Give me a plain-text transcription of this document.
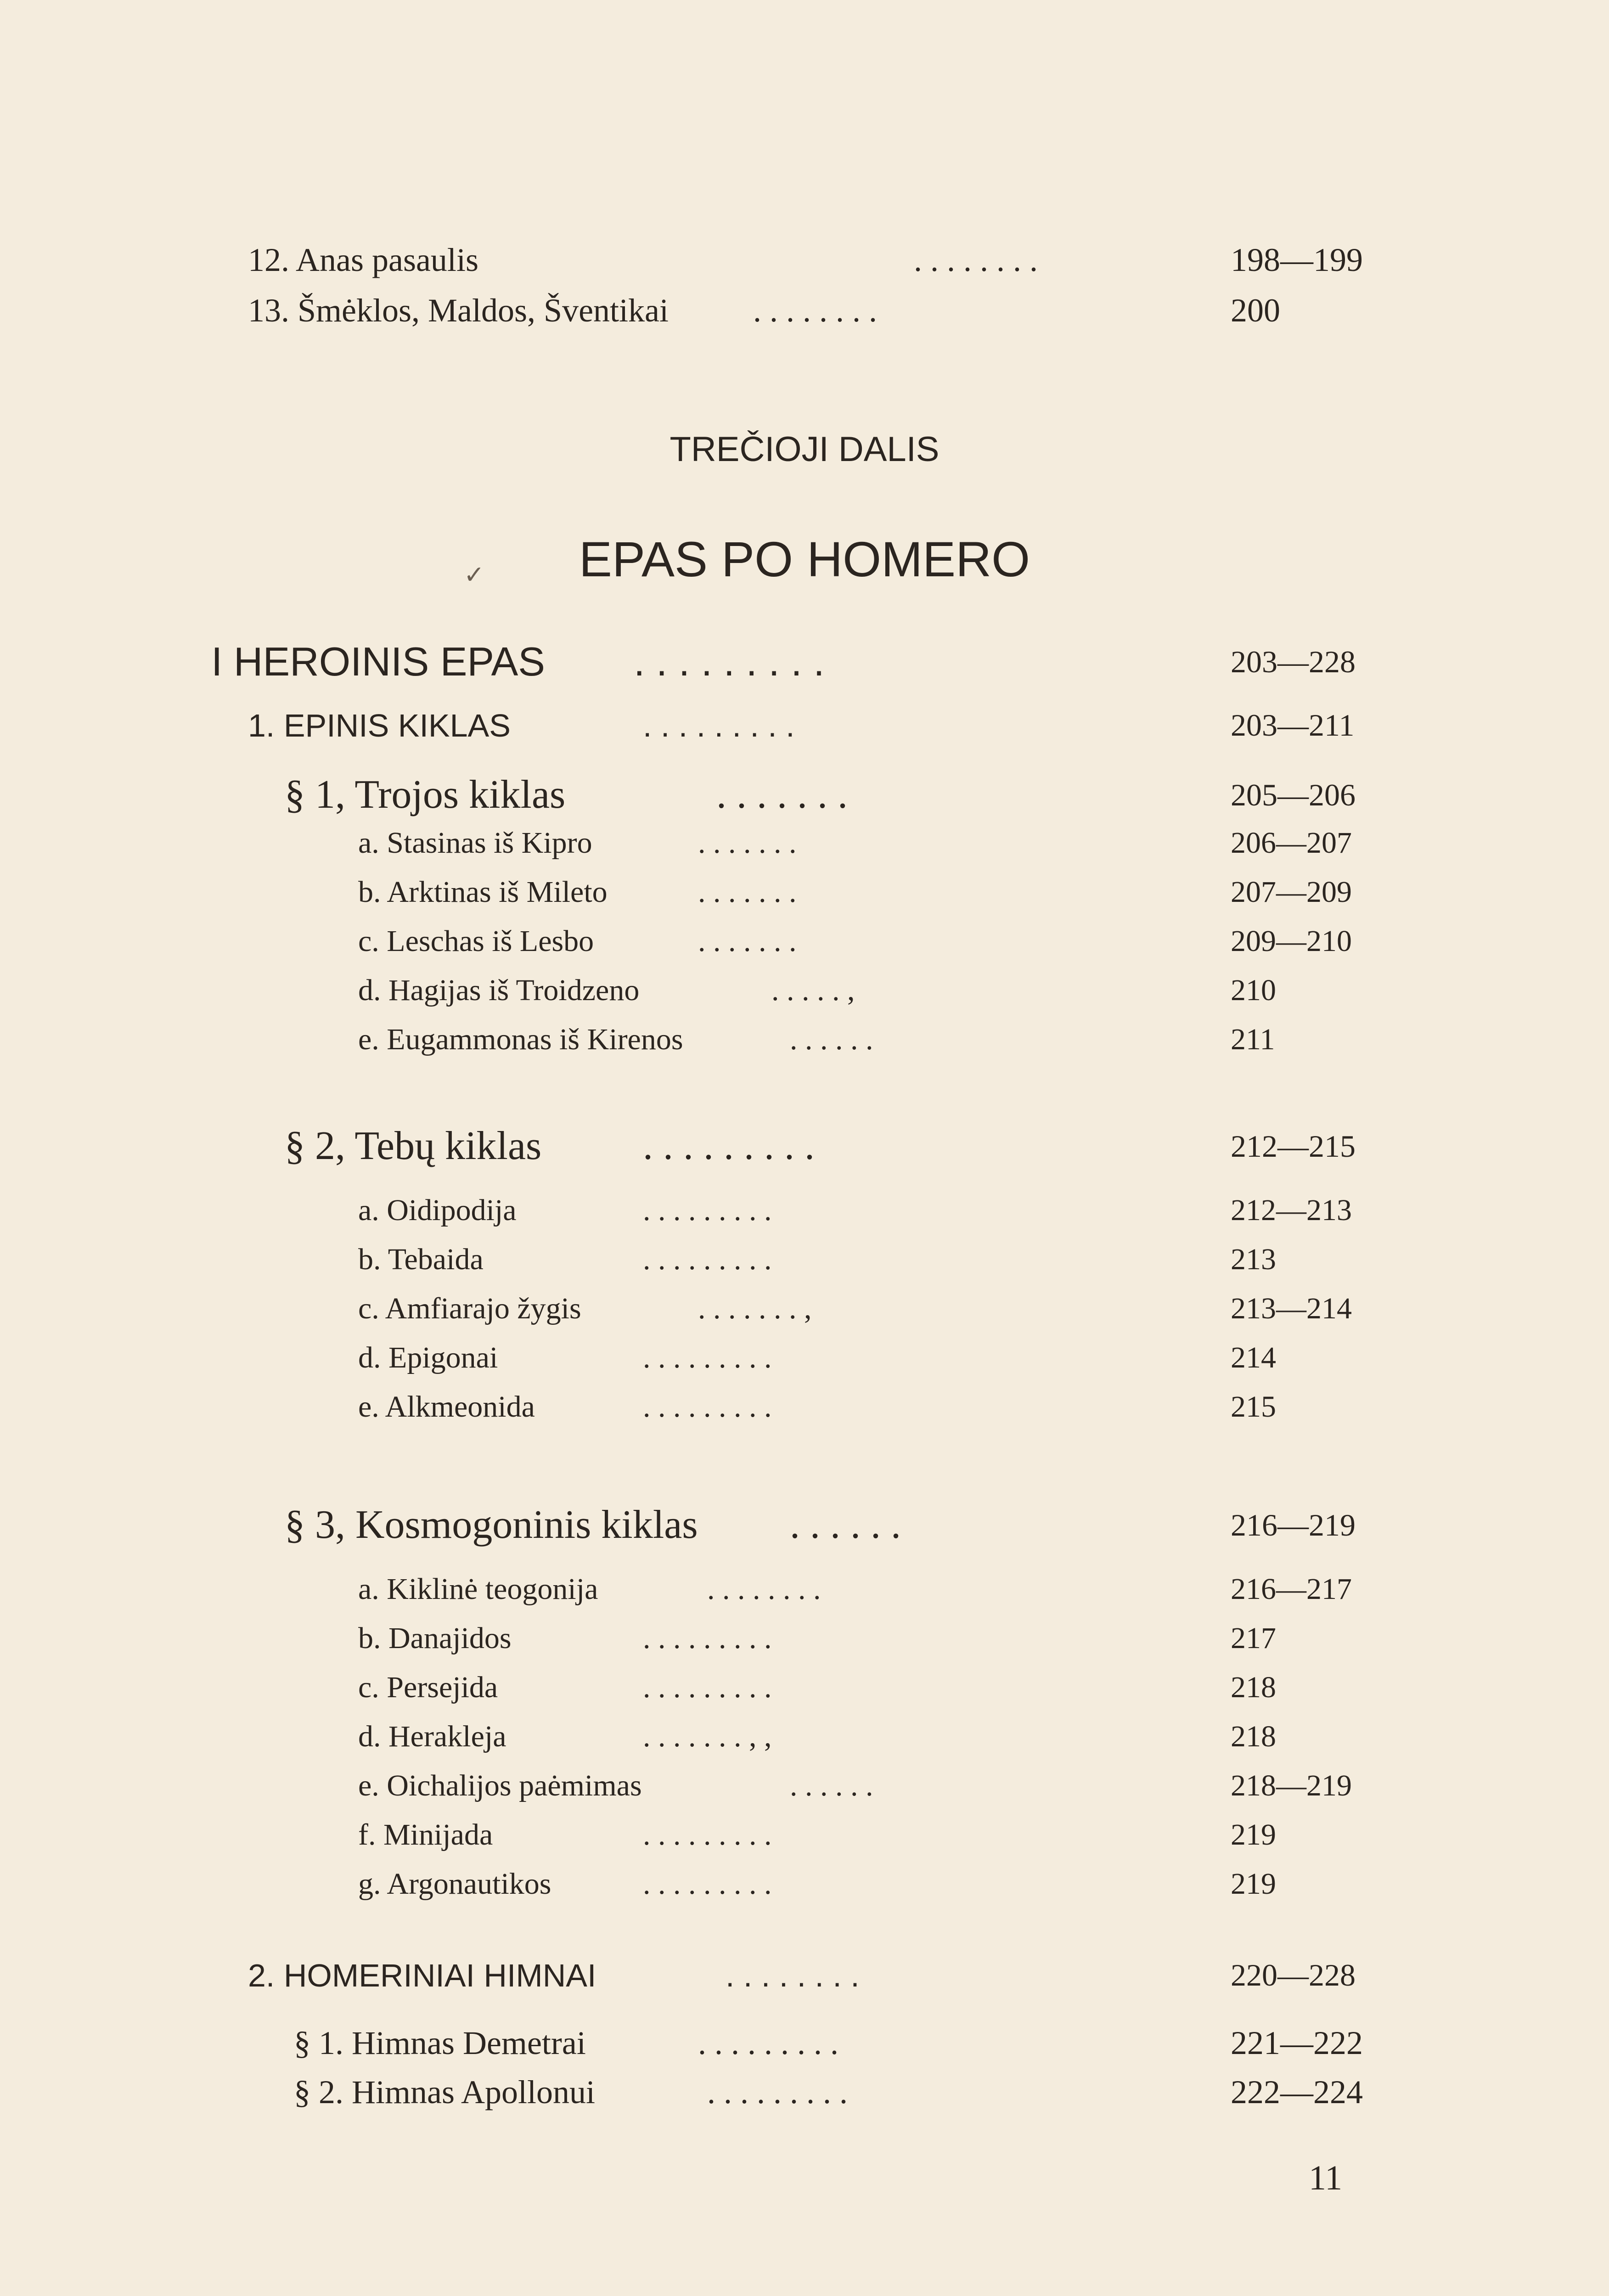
12. Anas pasaulis	. . . . . . . .	198—199
13. Šmėklos, Maldos, Šventikai	. . . . . . . .	200
TREČIOJI DALIS
✓	EPAS PO HOMERO
I HEROINIS EPAS . . . . . . . . .	203—228
1. EPINIS KIKLAS	. . . . . . . . .	203—211
§ 1, Trojos kiklas	. . . . . . .	205—206
a. Stasinas iš Kipro	. . . . . . .	206—207
b. Arktinas iš Mileto	. . . . . . .	207—209
c. Leschas iš Lesbo	. . . . . . .	209—210
d. Hagijas iš Troidzeno	. . . . . ,	210
e. Eugammonas iš Kirenos	. . . . . .	211
§ 2, Tebų kiklas	. . . . . . . . .	212—215
a. Oidipodija	. . . . . . . . .	212—213
b. Tebaida	. . . . . . . . .	213
c. Amfiarajo žygis	. . . . . . . ,	213—214
d. Epigonai	. . . . . . . . .	214
e. Alkmeonida	. . . . . . . . .	215
§ 3, Kosmogoninis kiklas . . . . . .	216—219
a. Kiklinė teogonija	. . . . . . . .	216—217
b. Danajidos	. . . . . . . . .	217
c. Persejida	. . . . . . . . .	218
d. Herakleja	. . . . . . . , ,	218
e. Oichalijos paėmimas	. . . . . .	218—219
f. Minijada	. . . . . . . . .	219
g. Argonautikos	. . . . . . . . .	219
2. HOMERINIAI HIMNAI	. . . . . . . .	220—228
§ 1. Himnas Demetrai	. . . . . . . . .	221—222
§ 2. Himnas Apollonui	. . . . . . . . .	222—224
11
